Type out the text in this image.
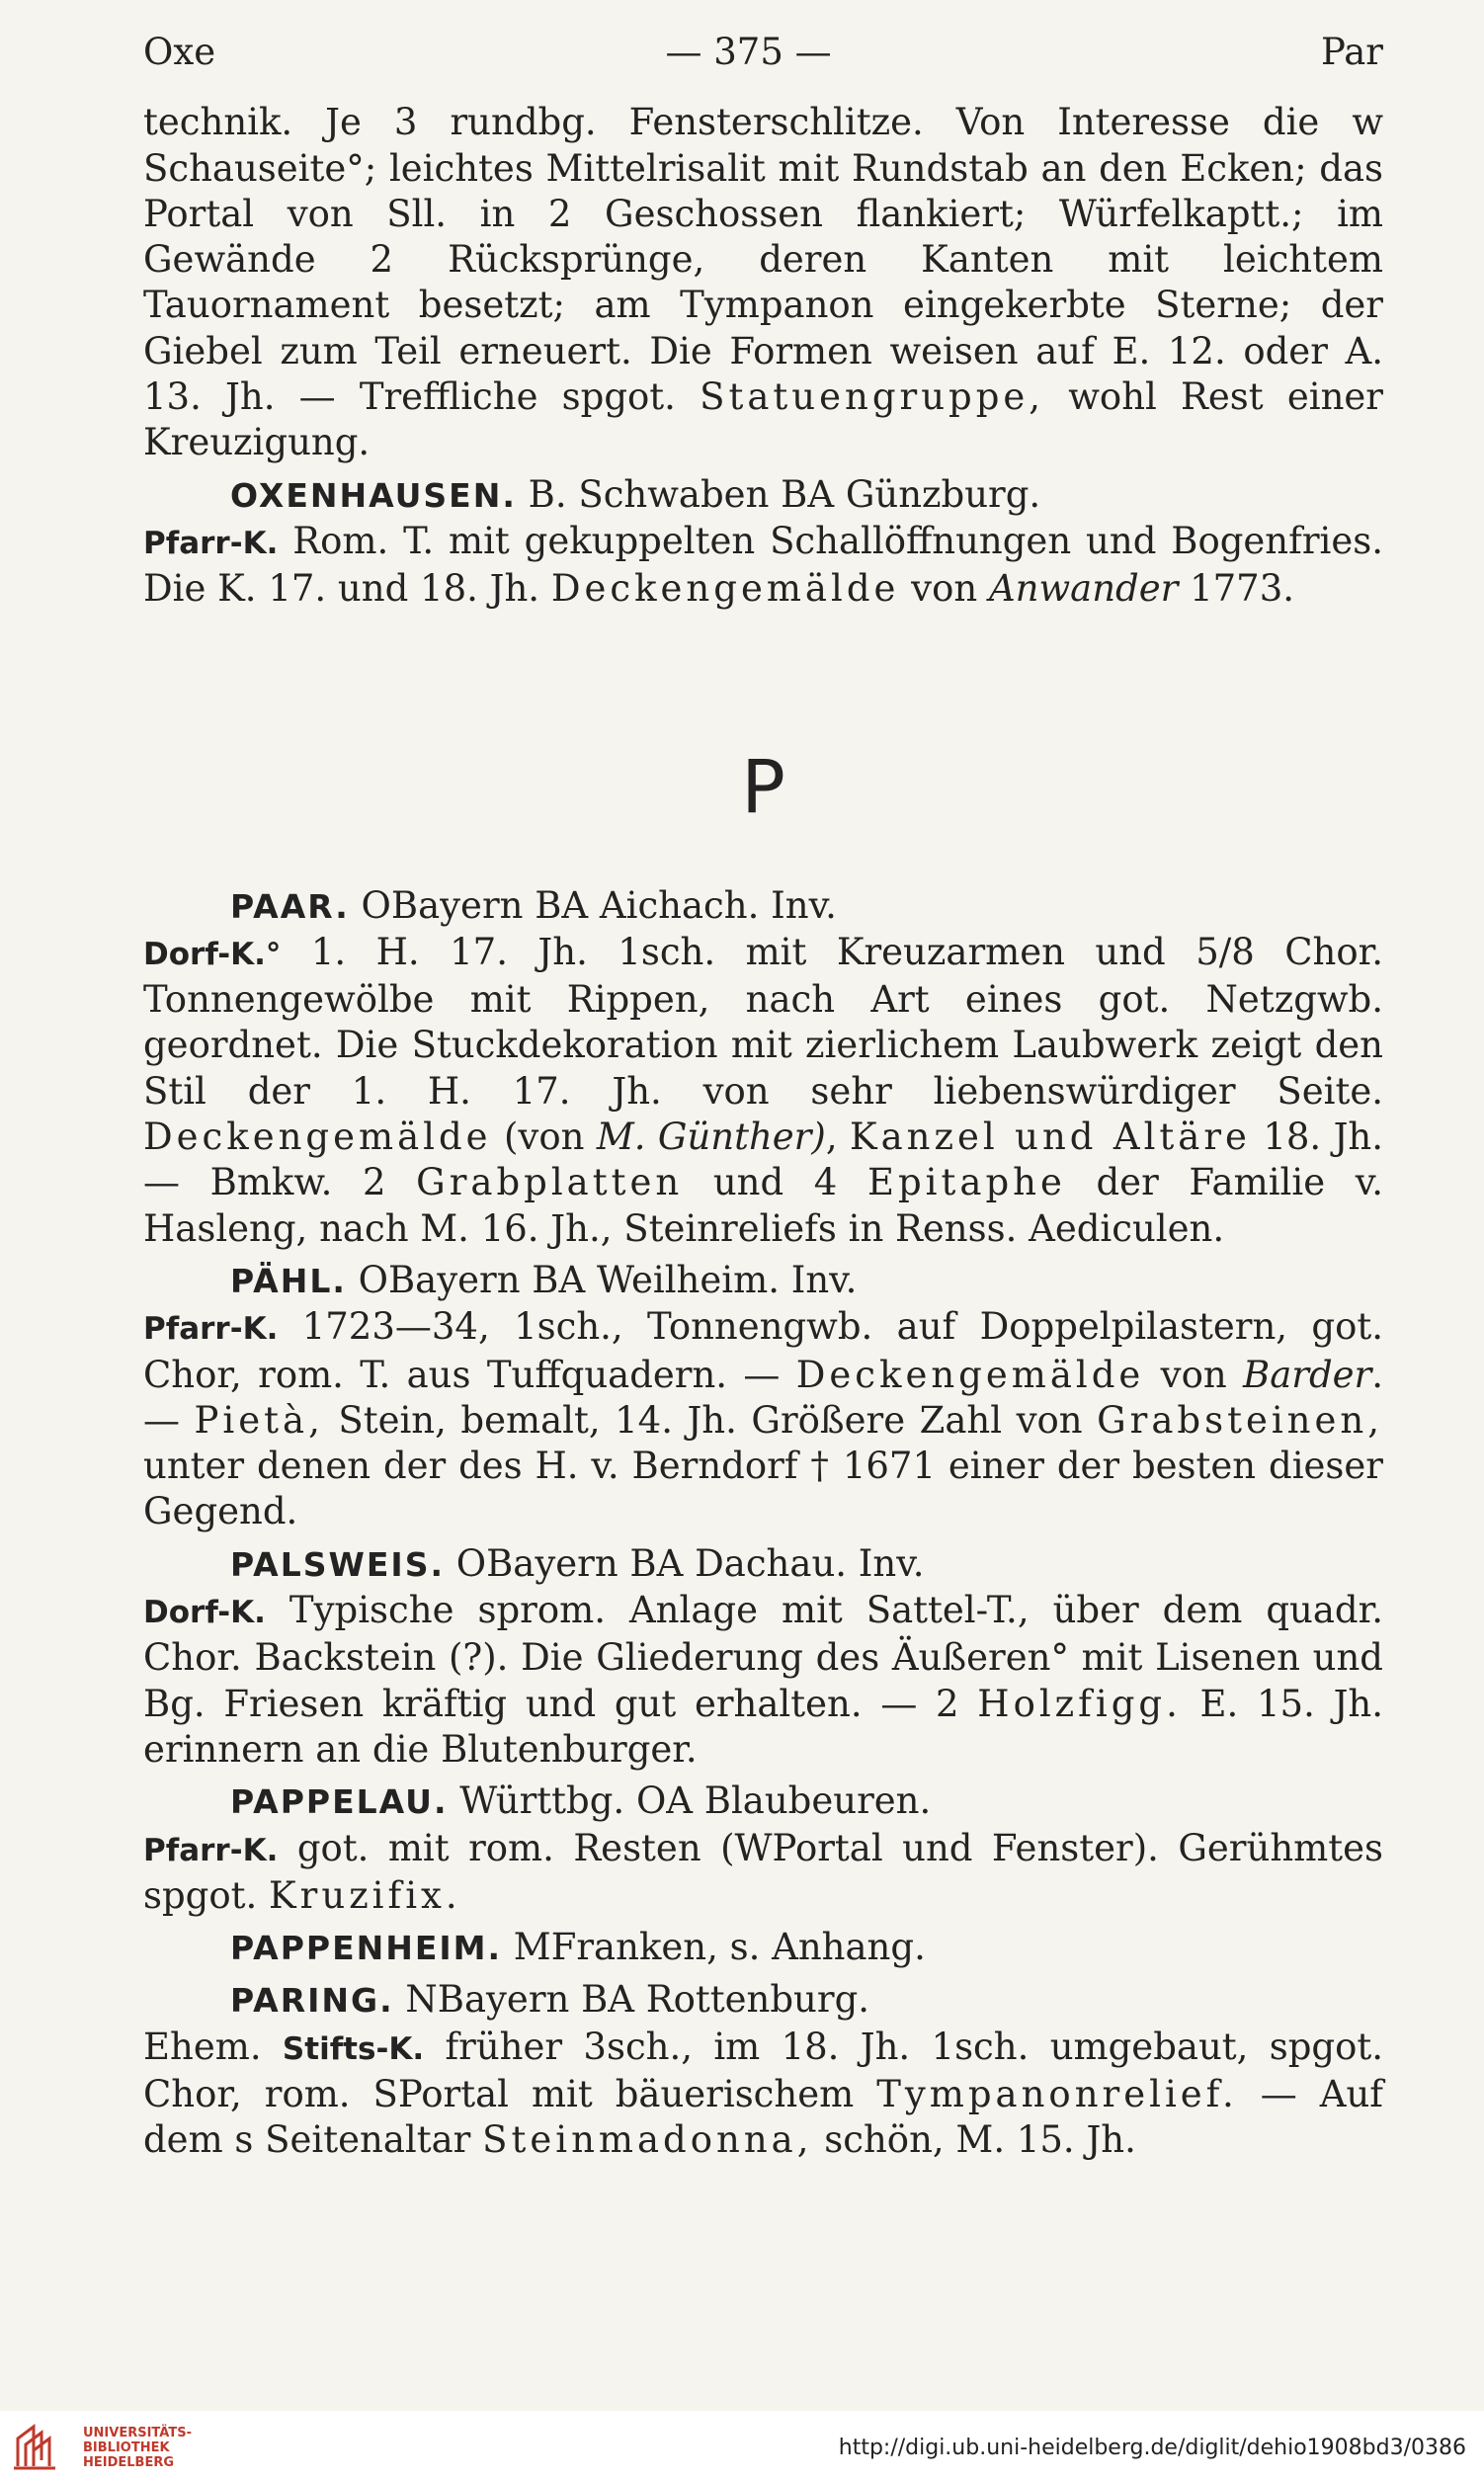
Oxe	— 375 —	Par

technik. Je 3 rundbg. Fensterschlitze. Von Interesse die w Schauseite°; leichtes Mittelrisalit mit Rundstab an den Ecken; das Portal von Sll. in 2 Geschossen flankiert; Würfelkaptt.; im Gewände 2 Rücksprünge, deren Kanten mit leichtem Tauornament besetzt; am Tympanon eingekerbte Sterne; der Giebel zum Teil erneuert. Die Formen weisen auf E. 12. oder A. 13. Jh. — Treffliche spgot. Statuengruppe, wohl Rest einer Kreuzigung.

OXENHAUSEN. B. Schwaben BA Günzburg.

Pfarr-K. Rom. T. mit gekuppelten Schallöffnungen und Bogenfries. Die K. 17. und 18. Jh. Deckengemälde von Anwander 1773.

P

PAAR. OBayern BA Aichach. Inv.

Dorf-K.° 1. H. 17. Jh. 1sch. mit Kreuzarmen und 5/8 Chor. Tonnengewölbe mit Rippen, nach Art eines got. Netzgwb. geordnet. Die Stuckdekoration mit zierlichem Laubwerk zeigt den Stil der 1. H. 17. Jh. von sehr liebenswürdiger Seite. Deckengemälde (von M. Günther), Kanzel und Altäre 18. Jh. — Bmkw. 2 Grabplatten und 4 Epitaphe der Familie v. Hasleng, nach M. 16. Jh., Steinreliefs in Renss. Aediculen.

PÄHL. OBayern BA Weilheim. Inv.

Pfarr-K. 1723—34, 1sch., Tonnengwb. auf Doppelpilastern, got. Chor, rom. T. aus Tuffquadern. — Deckengemälde von Barder. — Pietà, Stein, bemalt, 14. Jh. Größere Zahl von Grabsteinen, unter denen der des H. v. Berndorf † 1671 einer der besten dieser Gegend.

PALSWEIS. OBayern BA Dachau. Inv.

Dorf-K. Typische sprom. Anlage mit Sattel-T., über dem quadr. Chor. Backstein (?). Die Gliederung des Äußeren° mit Lisenen und Bg. Friesen kräftig und gut erhalten. — 2 Holzfigg. E. 15. Jh. erinnern an die Blutenburger.

PAPPELAU. Württbg. OA Blaubeuren.

Pfarr-K. got. mit rom. Resten (WPortal und Fenster). Gerühmtes spgot. Kruzifix.

PAPPENHEIM. MFranken, s. Anhang.

PARING. NBayern BA Rottenburg.

Ehem. Stifts-K. früher 3sch., im 18. Jh. 1sch. umgebaut, spgot. Chor, rom. SPortal mit bäuerischem Tympanonrelief. — Auf dem s Seitenaltar Steinmadonna, schön, M. 15. Jh.

UNIVERSITÄTS-
BIBLIOTHEK
HEIDELBERG
http://digi.ub.uni-heidelberg.de/diglit/dehio1908bd3/0386
